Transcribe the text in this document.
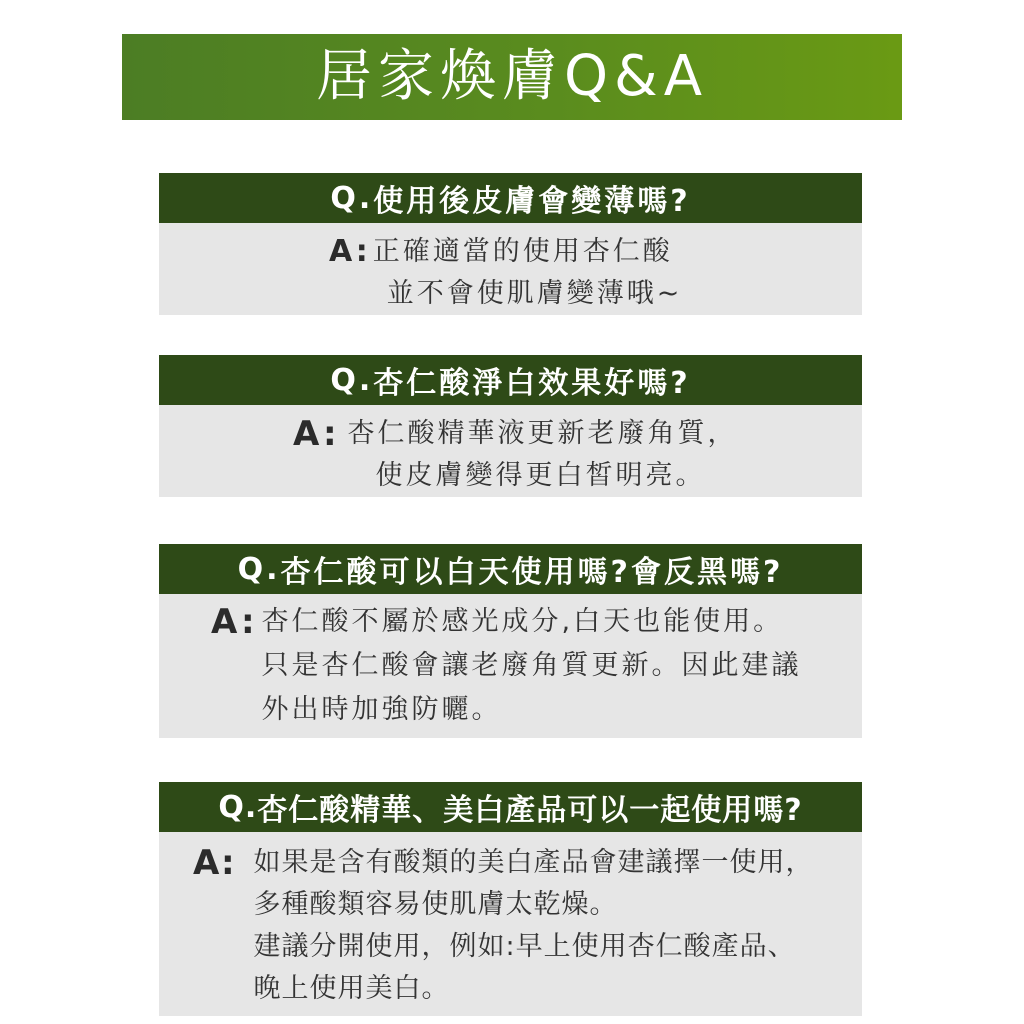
居家煥膚Q&A
Q. 使用後皮膚會變薄嗎?
A: 正確適當的使用杏仁酸
並不會使肌膚變薄哦~
Q. 杏仁酸淨白效果好嗎?
A: 杏仁酸精華液更新老廢角質，
使皮膚變得更白皙明亮。
Q. 杏仁酸可以白天使用嗎?會反黑嗎?
A: 杏仁酸不屬於感光成分,白天也能使用。
只是杏仁酸會讓老廢角質更新。因此建議
外出時加強防曬。
Q. 杏仁酸精華、美白產品可以一起使用嗎?
A: 如果是含有酸類的美白產品會建議擇一使用，
多種酸類容易使肌膚太乾燥。
建議分開使用，例如:早上使用杏仁酸產品、
晚上使用美白。
